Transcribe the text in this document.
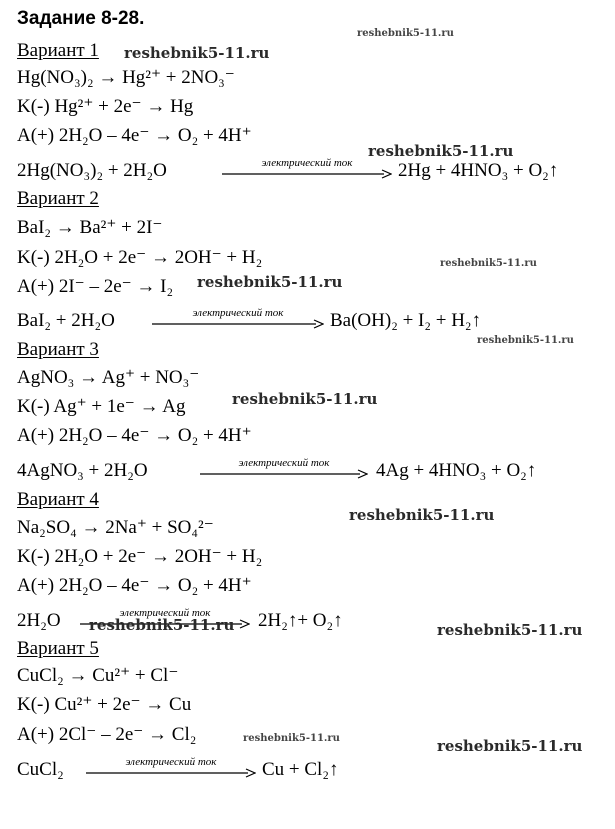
Задание 8-28.
Вариант 1
Hg(NO₃)₂ → Hg²⁺ + 2NO₃⁻
K(-) Hg²⁺ + 2e⁻ → Hg
A(+) 2H₂O – 4e⁻ → O₂ + 4H⁺
2Hg(NO₃)₂ + 2H₂O	электрический ток	2Hg + 4HNO₃ + O₂↑
Вариант 2
BaI₂ → Ba²⁺ + 2I⁻
K(-) 2H₂O + 2e⁻ → 2OH⁻ + H₂
A(+) 2I⁻ – 2e⁻ → I₂
BaI₂ + 2H₂O	электрический ток	Ba(OH)₂ + I₂ + H₂↑
Вариант 3
AgNO₃ → Ag⁺ + NO₃⁻
K(-) Ag⁺ + 1e⁻ → Ag
A(+) 2H₂O – 4e⁻ → O₂ + 4H⁺
4AgNO₃ + 2H₂O	электрический ток	4Ag + 4HNO₃ + O₂↑
Вариант 4
Na₂SO₄ → 2Na⁺ + SO₄²⁻
K(-) 2H₂O + 2e⁻ → 2OH⁻ + H₂
A(+) 2H₂O – 4e⁻ → O₂ + 4H⁺
2H₂O	электрический ток	2H₂↑+ O₂↑
Вариант 5
CuCl₂ → Cu²⁺ + Cl⁻
K(-) Cu²⁺ + 2e⁻ → Cu
A(+) 2Cl⁻ – 2e⁻ → Cl₂
CuCl₂	электрический ток	Cu + Cl₂↑
reshebnik5-11.ru
reshebnik5-11.ru
reshebnik5-11.ru
reshebnik5-11.ru
reshebnik5-11.ru
reshebnik5-11.ru
reshebnik5-11.ru
reshebnik5-11.ru
reshebnik5-11.ru	reshebnik5-11.ru
reshebnik5-11.ru	reshebnik5-11.ru
